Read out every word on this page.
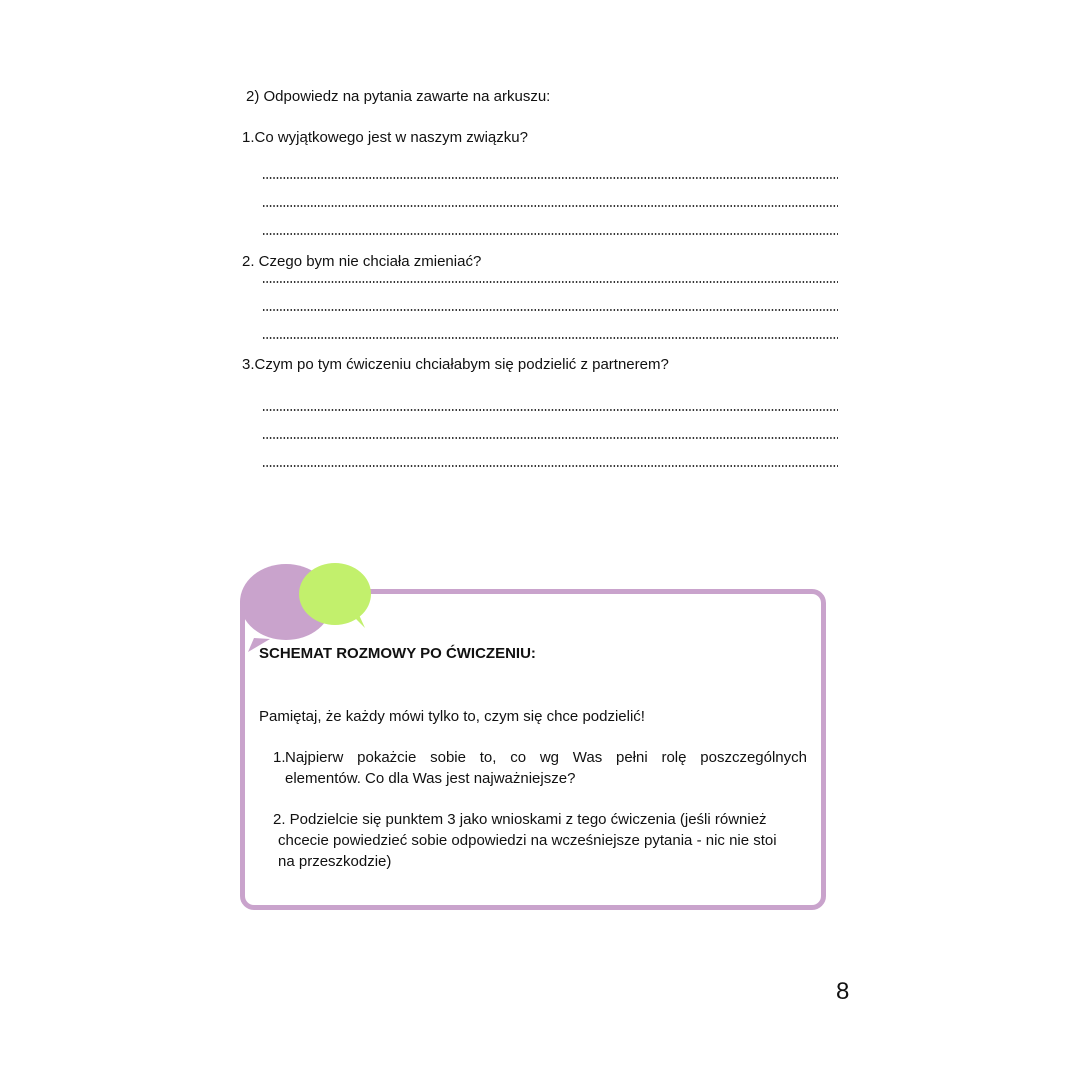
2) Odpowiedz na pytania zawarte na arkuszu:
1.Co wyjątkowego jest w naszym związku?
2. Czego bym nie chciała zmieniać?
3.Czym po tym ćwiczeniu chciałabym się podzielić z partnerem?
SCHEMAT ROZMOWY PO ĆWICZENIU:
Pamiętaj, że każdy mówi tylko to, czym się chce podzielić!
1. Najpierw pokażcie sobie to, co wg Was pełni rolę poszczególnych
elementów. Co dla Was jest najważniejsze?
2. Podzielcie się punktem 3 jako wnioskami z tego ćwiczenia (jeśli również
chcecie powiedzieć sobie odpowiedzi na wcześniejsze pytania - nic nie stoi
na przeszkodzie)
8
